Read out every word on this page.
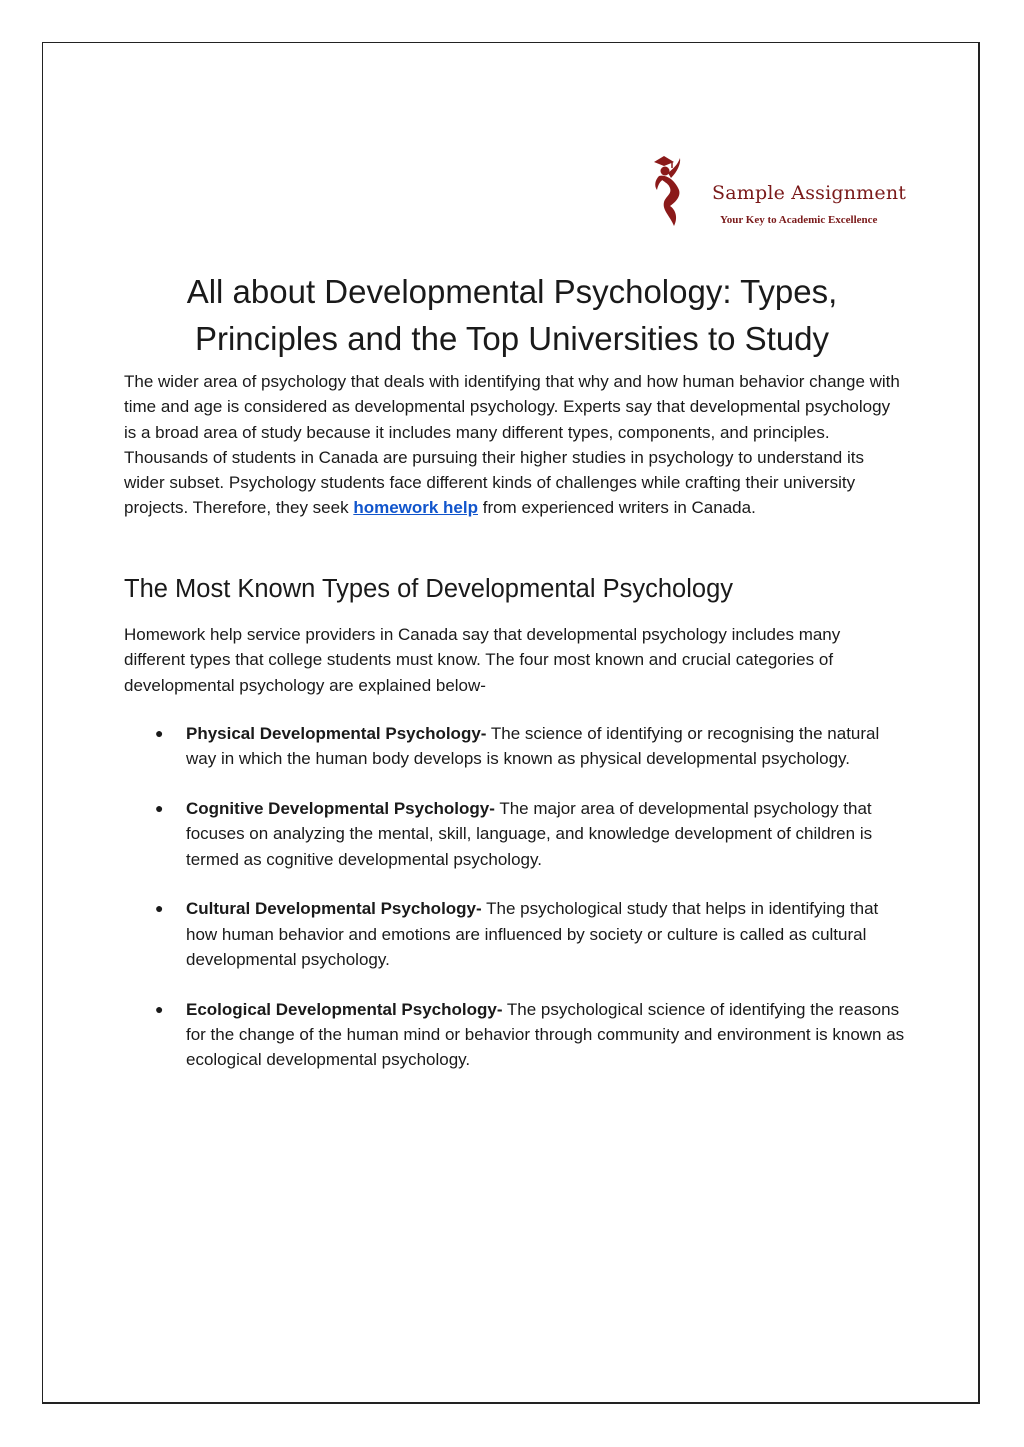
Sample Assignment
Your Key to Academic Excellence
All about Developmental Psychology: Types,
Principles and the Top Universities to Study

The wider area of psychology that deals with identifying that why and how human behavior change with time and age is considered as developmental psychology. Experts say that developmental psychology is a broad area of study because it includes many different types, components, and principles. Thousands of students in Canada are pursuing their higher studies in psychology to understand its wider subset. Psychology students face different kinds of challenges while crafting their university projects. Therefore, they seek homework help from experienced writers in Canada.

The Most Known Types of Developmental Psychology

Homework help service providers in Canada say that developmental psychology includes many different types that college students must know. The four most known and crucial categories of developmental psychology are explained below-

● Physical Developmental Psychology- The science of identifying or recognising the natural way in which the human body develops is known as physical developmental psychology.
● Cognitive Developmental Psychology- The major area of developmental psychology that focuses on analyzing the mental, skill, language, and knowledge development of children is termed as cognitive developmental psychology.
● Cultural Developmental Psychology- The psychological study that helps in identifying that how human behavior and emotions are influenced by society or culture is called as cultural developmental psychology.
● Ecological Developmental Psychology- The psychological science of identifying the reasons for the change of the human mind or behavior through community and environment is known as ecological developmental psychology.
